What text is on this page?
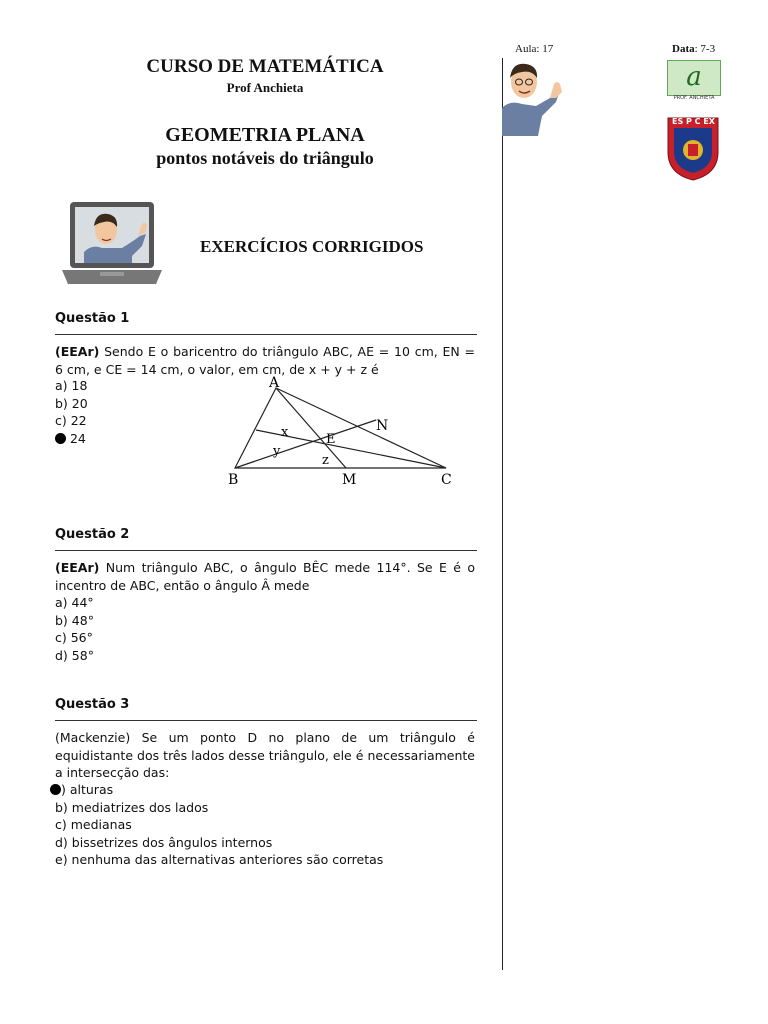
CURSO DE MATEMÁTICA
Prof Anchieta
GEOMETRIA PLANA
pontos notáveis do triângulo
EXERCÍCIOS CORRIGIDOS
Aula: 17	Data: 7-3
a
PROF. ANCHIETA
ES P C EX
Questão 1
(EEAr) Sendo E o baricentro do triângulo ABC, AE = 10 cm, EN = 6 cm, e CE = 14 cm, o valor, em cm, de x + y + z é
a) 18
b) 20
c) 22
24
A
B	C
M
N
E
x
y
z
Questão 2
(EEAr) Num triângulo ABC, o ângulo BÊC mede 114°. Se E é o incentro de ABC, então o ângulo Â mede
a) 44°
b) 48°
c) 56°
d) 58°
Questão 3
(Mackenzie) Se um ponto D no plano de um triângulo é equidistante dos três lados desse triângulo, ele é necessariamente a intersecção das:
) alturas
b) mediatrizes dos lados
c) medianas
d) bissetrizes dos ângulos internos
e) nenhuma das alternativas anteriores são corretas
